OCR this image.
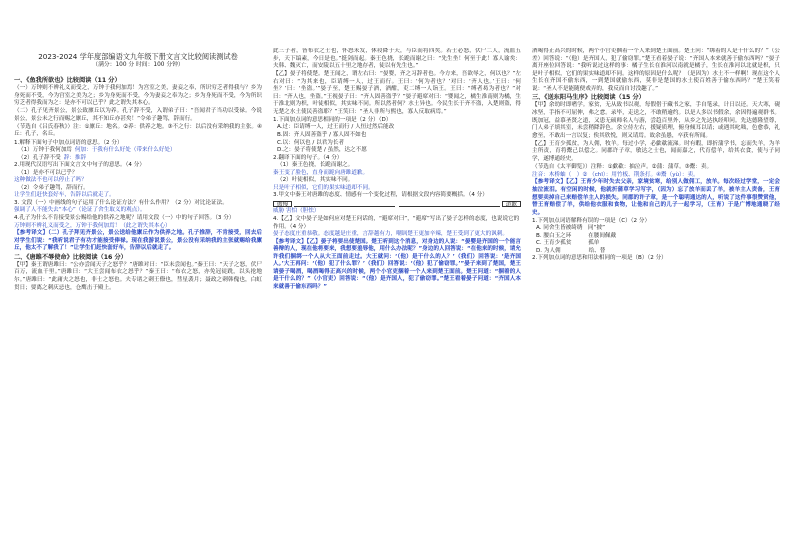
2023-2024 学年度部编语文九年级下册文言文比较阅读测试卷
（满分：100 分 时间：100 分钟）
一、《鱼我所欲也》比较阅读（11 分）

（一）万钟则不辨礼义而受之，万钟于我何加焉！为宫室之美，妻妾之奉，所识穷乏者得我与？乡为身死而不受，今为宫室之美为之；乡为身死而不受，今为妻妾之奉为之；乡为身死而不受，今为所识穷乏者得我而为之：是亦不可以已乎？此之谓失其本心。

（二）孔子见齐景公，景公致廪丘以为养。孔子辞不受，入谓弟子曰：“吾闻君子当功以受禄。今说景公，景公未之行而赐之廪丘，其不知丘亦甚矣！”令弟子趣驾，辞而行。

（节选自《吕氏春秋》）注：①廪丘：地名。②养：供养之地。③不之行：以后没有采纳我的主张。④丘：孔子，名丘。

1.解释下面句子中加点词语的意思。（2 分）
（1）万钟于我何加焉 何加：于我有什么好处（带来什么好处）
（2）孔子辞不受 辞：推辞
2.用现代汉语写出下面文言文中句子的意思。（4 分）
（1）是亦不可以已乎？
这种做法不也可以停止了吗？
（2）令弟子趣驾，辞而行。
让学生们赶快套好车，告辞以后就走了。
3. 文段（一）中画线的句子运用了什么论证方法？有什么作用？（2 分）对比论证法。
强调了人不能失去“本心”（论证了舍生取义的观点）。
4.孔子为什么不肯接受景公赐给他的供养之地呢？请用文段（一）中的句子回答。（3 分）
万钟则不辨礼义而受之，万钟于我何加焉！（此之谓失其本心）

【参考译文】（二）孔子拜见齐景公，景公送给他廪丘作为供养之地。孔子推辞，不肯接受，回去后对学生们说：“我听说君子有功才能接受俸禄。现在我游说景公，景公没有采纳我的主张就赐给我廪丘，他太不了解我了！”让学生们赶快套好车，告辞以后就走了。

二、《唐雎不辱使命》比较阅读（16 分）

【甲】秦王谓唐雎曰：“公亦尝闻天子之怒乎？”唐雎对曰：“臣未尝闻也。”秦王曰：“天子之怒，伏尸百万，流血千里。”唐雎曰：“大王尝闻布衣之怒乎？”秦王曰：“布衣之怒，亦免冠徒跣，以头抢地尔。”唐雎曰：“此庸夫之怒也，非士之怒也。夫专诸之刺王僚也，彗星袭月；聂政之刺韩傀也，白虹贯日；要离之刺庆忌也，仓鹰击于殿上。

此三子者，皆布衣之士也，怀怒未发，休祲降于天，与臣而将四矣。若士必怒，伏尸二人，流血五步，天下缟素，今日是也。”挺剑而起。秦王色挠，长跪而谢之曰：“先生坐！何至于此！寡人谕矣：夫韩、魏灭亡，而安陵以五十里之地存者，徒以有先生也。”

【乙】晏子将使楚。楚王闻之，谓左右曰：“晏婴，齐之习辞者也。今方来，吾欲辱之，何以也？”左右对曰：“为其来也，臣请缚一人，过王而行。王曰：‘何为者也？’对曰：‘齐人也。’王曰：‘何坐？’曰：‘坐盗。’”晏子至，楚王赐晏子酒，酒酣，吏二缚一人诣王。王曰：“缚者曷为者也？”对曰：“齐人也，坐盗。”王视晏子曰：“齐人固善盗乎？”晏子避席对曰：“婴闻之，橘生淮南则为橘，生于淮北则为枳，叶徒相似，其实味不同。所以然者何？水土异也。今民生长于齐不盗，入楚则盗，得无楚之水土使民善盗耶？”王笑曰：“圣人非所与熙也，寡人反取病焉。”

1.下面加点词的意思相同的一项是（2 分）（D）
A.过：臣请缚一人，过王而行 / 人恒过然后能改
B.固：齐人固善盗乎 / 寡人固不如也
C.以：何以也 / 以君为长者
D.之：晏子将使楚 / 虽然，达之不愿
2.翻译下面的句子。（4 分）
（1）秦王色挠，长跪而谢之。
秦王变了脸色，直身而跪向唐雎道歉。
（2）叶徒相似，其实味不同。
只是叶子相似，它们的果实味道却不同。
3.甲文中秦王对唐雎的态度、情感有一个变化过程，请根据文段内容简要概括。（4 分）
傲慢	道歉
威胁 害怕（胆怯）
4.【乙】文中晏子是如何应对楚王问话的，“避席对曰”，“避席”写出了晏子怎样的态度，也说说它的作用。（4 分）
晏子态度庄重恭敬。态度越是庄重，言辞越有力，嘲讽楚王更加辛辣，楚王受到了更大的讽刺。

【参考译文】【乙】晏子将要出使楚国。楚王听到这个消息，对身边的人说：“晏婴是齐国的一个能言善辩的人，现在他将要来，我想要羞辱他，用什么办法呢？”身边的人回答说：“在他来的时候，请允许我们捆绑一个人从大王面前走过。大王就问：‘（他）是干什么的人？’（我们）回答说：‘是齐国人。’大王再问：‘（他）犯了什么罪？’（我们）回答说：‘（他）犯了偷窃罪。’”晏子来到了楚国，楚王请晏子喝酒，喝酒喝得正高兴的时候，两个小官吏捆着一个人来到楚王面前。楚王问道：“捆着的人是干什么的？”（小官吏）回答说：“（他）是齐国人，犯了偷窃罪。”楚王看着晏子问道：“齐国人本来就善于偷东西吗？”

酒喝得正高兴的时候，两个小官吏捆着一个人来到楚王面前。楚王问：“绑着的人是干什么的？”（公差）回答说：“（他）是齐国人，犯了偷窃罪。”楚王看着晏子说：“齐国人本来就善于偷东西吗？”晏子离开座位回答说：“我听说过这样的事：橘子生长在淮河以南就是橘子，生长在淮河以北就是枳，只是叶子相似，它们的果实味道却不同。这样的原因是什么呢？（是因为）水土不一样啊！现在这个人生长在齐国不偷东西，一到楚国就偷东西，莫非是楚国的水土使百姓善于偷东西吗？”楚王笑着说：“圣人不是能随便戏弄的，我反而自讨没趣了。”

三、《送东阳马生序》比较阅读（15 分）

【甲】余幼时即嗜学。家贫，无从致书以观，每假借于藏书之家，手自笔录，计日以还。天大寒，砚冰坚，手指不可屈伸，弗之怠。录毕，走送之，不敢稍逾约。以是人多以书假余，余因得遍观群书。既加冠，益慕圣贤之道，又患无硕师名人与游，尝趋百里外，从乡之先达执经叩问。先达德隆望尊，门人弟子填其室，未尝稍降辞色。余立侍左右，援疑质理，俯身倾耳以请；或遇其叱咄，色愈恭，礼愈至，不敢出一言以复；俟其欣悦，则又请焉。故余虽愚，卒获有所闻。

【乙】王育少孤贫，为人佣，牧羊。每过小学，必歔欷流涕。时有暇，即折蒲学书，忘而失羊，为羊主所责，育将鬻己以偿之。同郡许子章，敏达之士也，闻而嘉之，代育偿羊，给其衣食，使与子同学，遂博通经史。

（节选自《太平御览》）注释：①歔欷：抽泣声。②蒲：蒲草。③鬻：卖。

注音：木桥蚰（　）② （chī）：用竹板、荆条打。④鬻（yù）：卖。

【参考译文】【乙】王育少年时失去父亲，家境贫寒，给别人做佣工，放羊。每次经过学堂，一定会抽泣流泪。有空闲的时候，他就折蒲草学习写字，（因为）忘了放羊而丢了羊，被羊主人责备，王育想要卖掉自己来赔偿羊主人的损失。同郡的许子章，是一个聪明通达的人，听说了这件事很赞赏他，替王育赔偿了羊，供给他衣服和食物，让他和自己的儿子一起学习，（王育）于是广博地通晓了经史。

1.下列加点词语解释有误的一项是（C）（2 分）
A. 同舍生皆被绮绣　同“披”
B. 腰白玉之环　　　在腰间佩戴
C. 王育少孤贫　　　孤单
D. 为人佣　　　　　给、替
2.下列加点词的意思和用法相同的一项是（B）（2 分）
